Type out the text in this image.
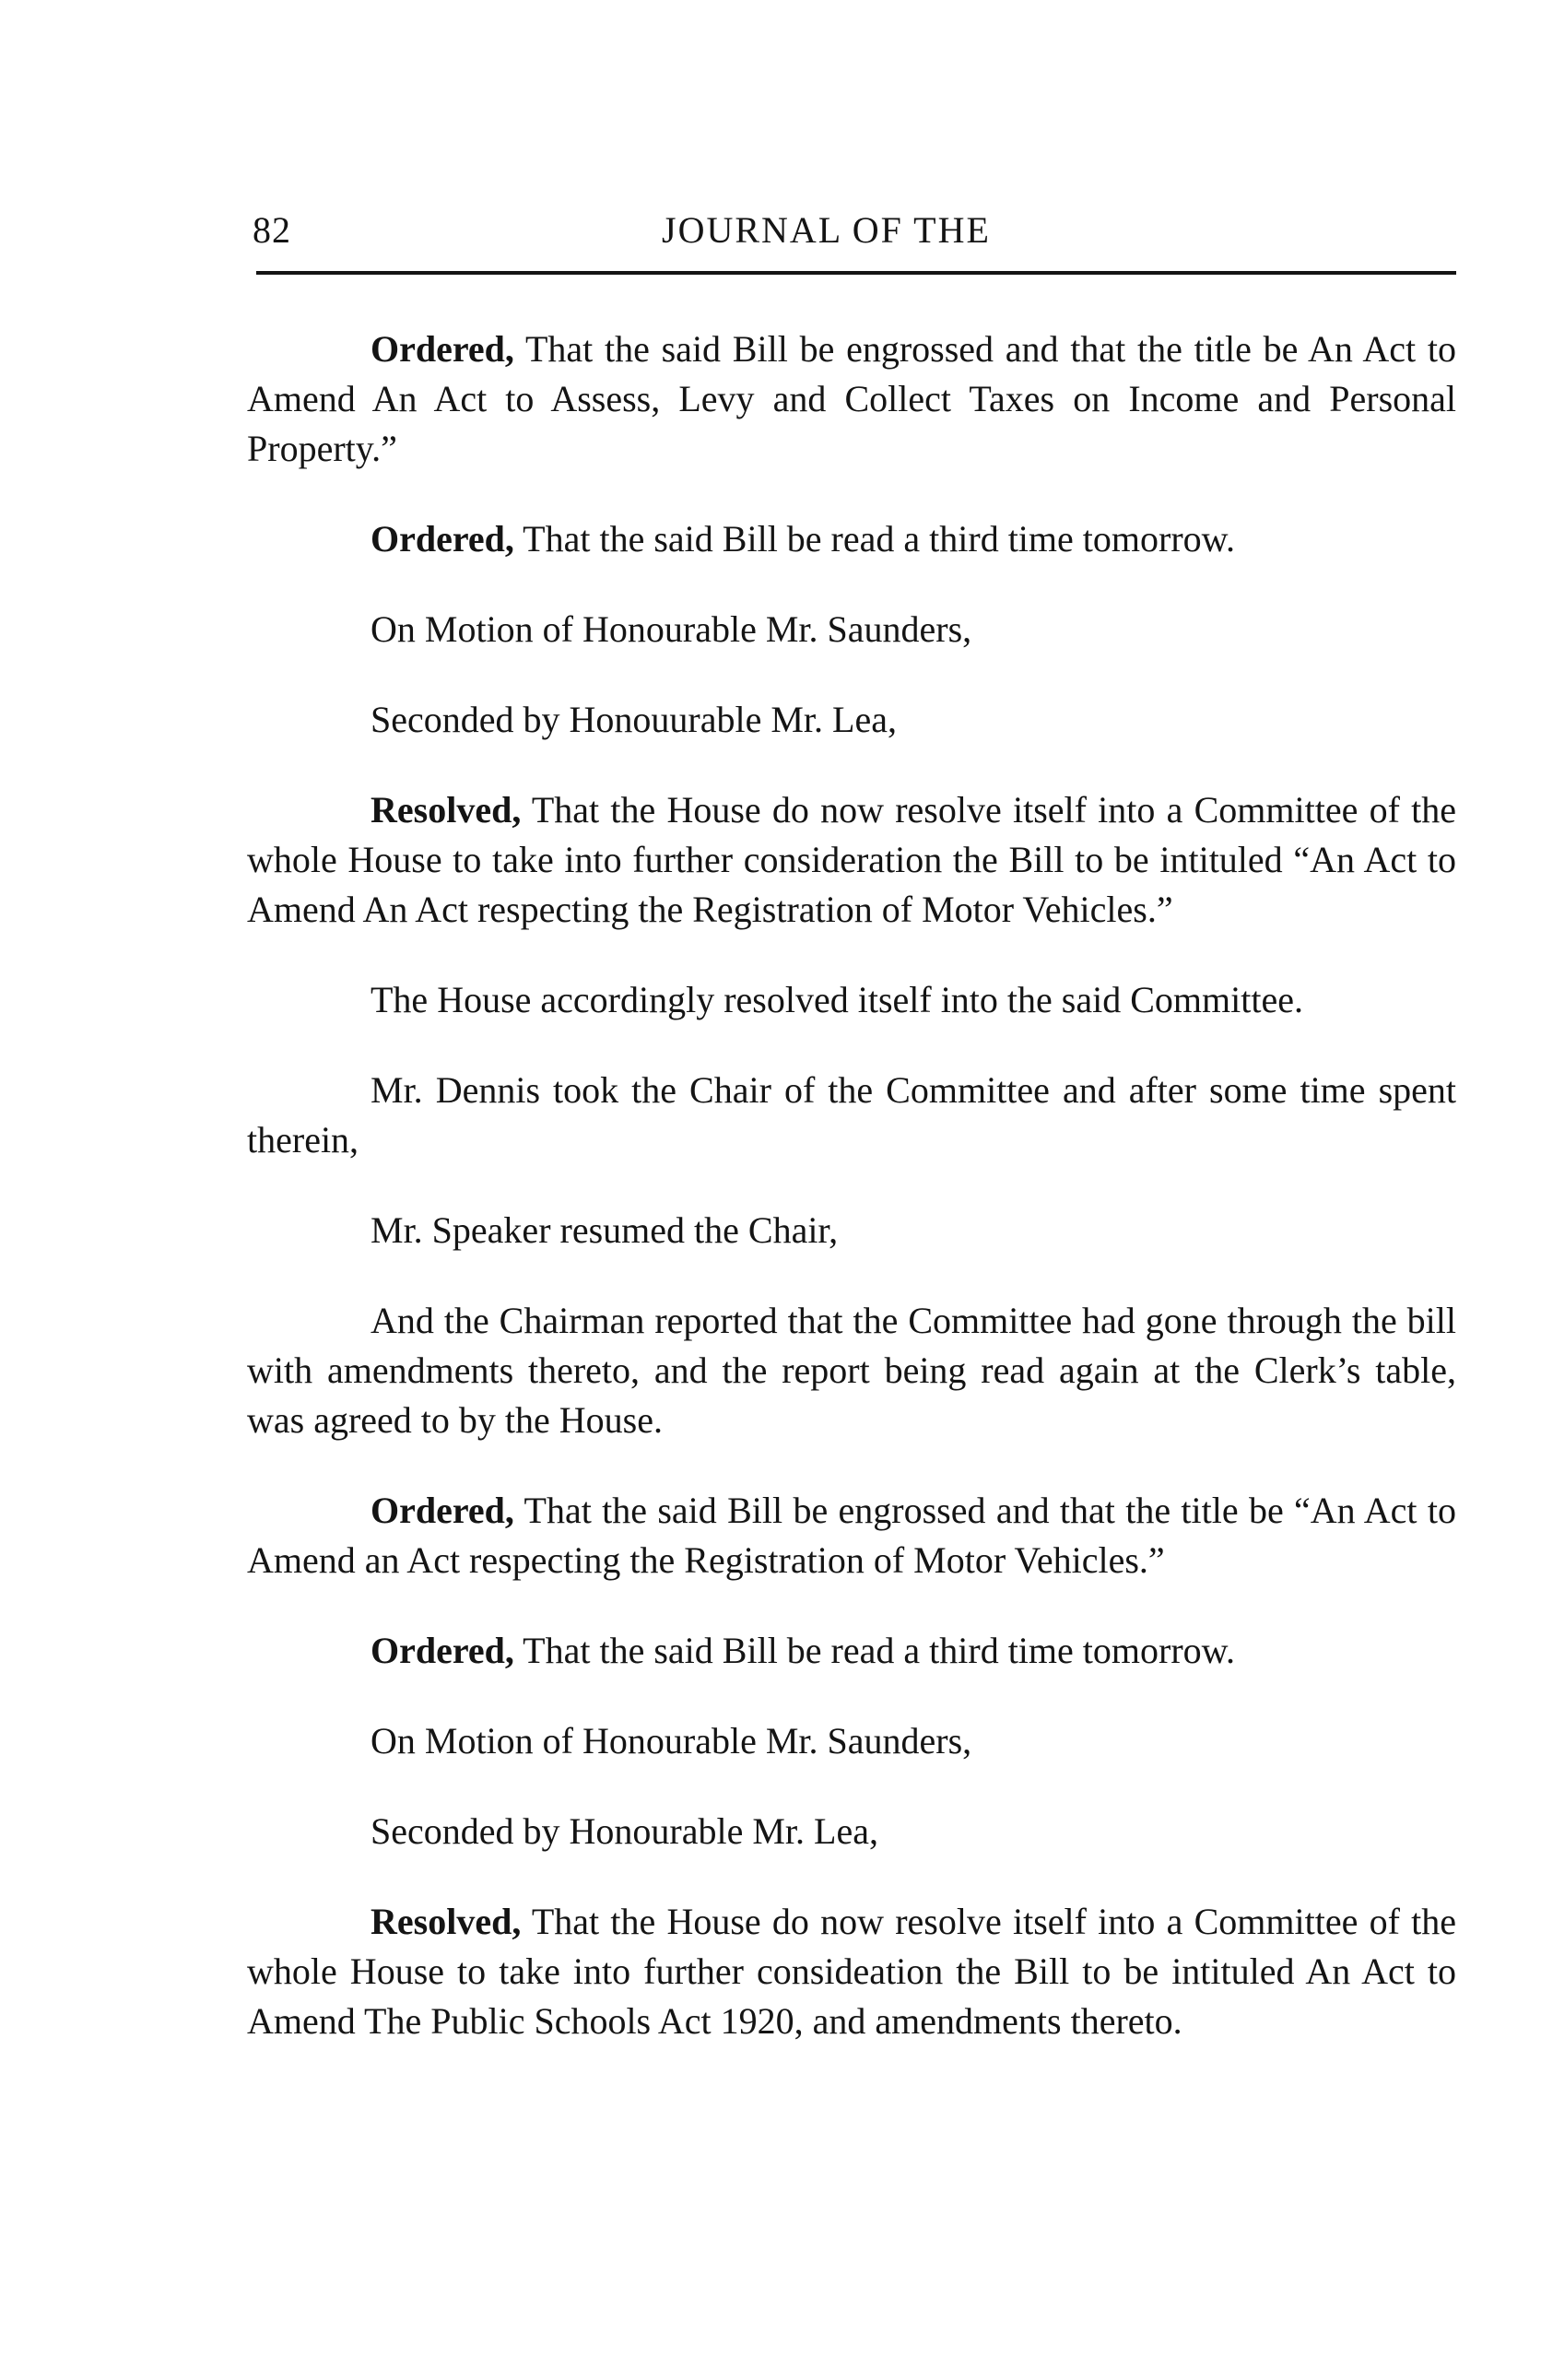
82	JOURNAL OF THE

Ordered, That the said Bill be engrossed and that the title be An Act to Amend An Act to Assess, Levy and Collect Taxes on Income and Personal Property.”

Ordered, That the said Bill be read a third time tomorrow.

On Motion of Honourable Mr. Saunders,

Seconded by Honouurable Mr. Lea,

Resolved, That the House do now resolve itself into a Committee of the whole House to take into further consideration the Bill to be intituled “An Act to Amend An Act respecting the Registration of Motor Vehicles.”

The House accordingly resolved itself into the said Committee.

Mr. Dennis took the Chair of the Committee and after some time spent therein,

Mr. Speaker resumed the Chair,

And the Chairman reported that the Committee had gone through the bill with amendments thereto, and the report being read again at the Clerk’s table, was agreed to by the House.

Ordered, That the said Bill be engrossed and that the title be “An Act to Amend an Act respecting the Registration of Motor Vehicles.”

Ordered, That the said Bill be read a third time tomorrow.

On Motion of Honourable Mr. Saunders,

Seconded by Honourable Mr. Lea,

Resolved, That the House do now resolve itself into a Committee of the whole House to take into further consideation the Bill to be intituled An Act to Amend The Public Schools Act 1920, and amendments thereto.
